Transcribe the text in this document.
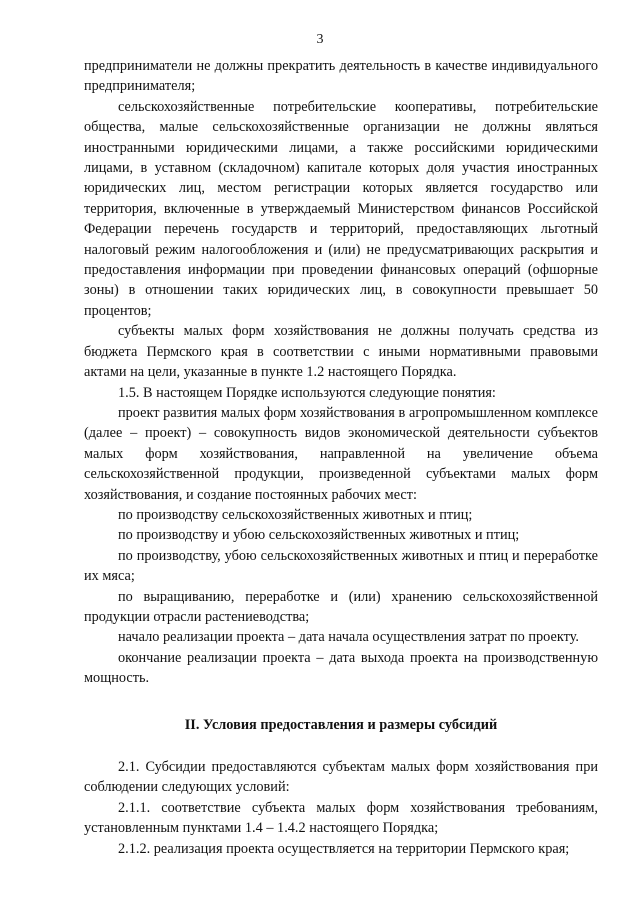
3

предприниматели не должны прекратить деятельность в качестве индивидуального предпринимателя;

сельскохозяйственные потребительские кооперативы, потребительские общества, малые сельскохозяйственные организации не должны являться иностранными юридическими лицами, а также российскими юридическими лицами, в уставном (складочном) капитале которых доля участия иностранных юридических лиц, местом регистрации которых является государство или территория, включенные в утверждаемый Министерством финансов Российской Федерации перечень государств и территорий, предоставляющих льготный налоговый режим налогообложения и (или) не предусматривающих раскрытия и предоставления информации при проведении финансовых операций (офшорные зоны) в отношении таких юридических лиц, в совокупности превышает 50 процентов;

субъекты малых форм хозяйствования не должны получать средства из бюджета Пермского края в соответствии с иными нормативными правовыми актами на цели, указанные в пункте 1.2 настоящего Порядка.

1.5. В настоящем Порядке используются следующие понятия:

проект развития малых форм хозяйствования в агропромышленном комплексе (далее – проект) – совокупность видов экономической деятельности субъектов малых форм хозяйствования, направленной на увеличение объема сельскохозяйственной продукции, произведенной субъектами малых форм хозяйствования, и создание постоянных рабочих мест:

по производству сельскохозяйственных животных и птиц;

по производству и убою сельскохозяйственных животных и птиц;

по производству, убою сельскохозяйственных животных и птиц и переработке их мяса;

по выращиванию, переработке и (или) хранению сельскохозяйственной продукции отрасли растениеводства;

начало реализации проекта – дата начала осуществления затрат по проекту.

окончание реализации проекта – дата выхода проекта на производственную мощность.

II. Условия предоставления и размеры субсидий

2.1. Субсидии предоставляются субъектам малых форм хозяйствования при соблюдении следующих условий:

2.1.1. соответствие субъекта малых форм хозяйствования требованиям, установленным пунктами 1.4 – 1.4.2 настоящего Порядка;

2.1.2. реализация проекта осуществляется на территории Пермского края;
